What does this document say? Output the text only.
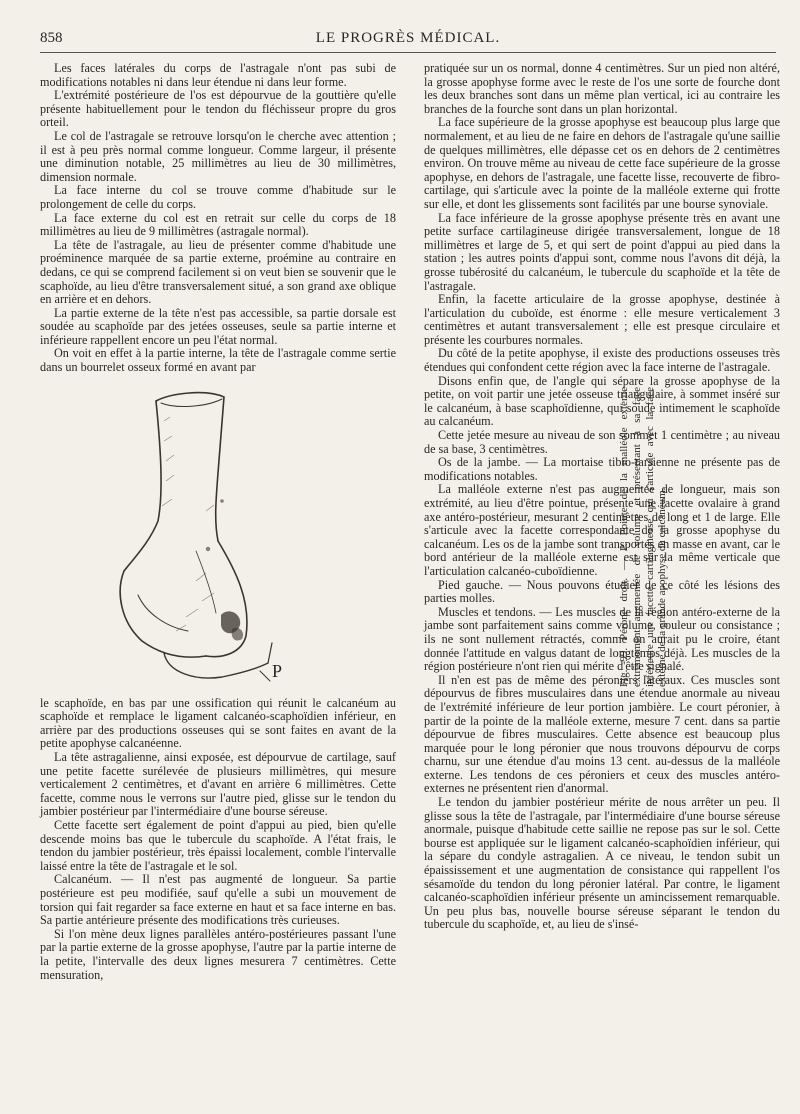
858	LE PROGRÈS MÉDICAL.

Les faces latérales du corps de l'astragale n'ont pas subi de modifications notables ni dans leur étendue ni dans leur forme.

L'extrémité postérieure de l'os est dépourvue de la gouttière qu'elle présente habituellement pour le tendon du fléchisseur propre du gros orteil.

Le col de l'astragale se retrouve lorsqu'on le cherche avec attention ; il est à peu près normal comme longueur. Comme largeur, il présente une diminution notable, 25 millimètres au lieu de 30 millimètres, dimension normale.

La face interne du col se trouve comme d'habitude sur le prolongement de celle du corps.

La face externe du col est en retrait sur celle du corps de 18 millimètres au lieu de 9 millimètres (astragale normal).

La tête de l'astragale, au lieu de présenter comme d'habitude une proéminence marquée de sa partie externe, proémine au contraire en dedans, ce qui se comprend facilement si on veut bien se souvenir que le scaphoïde, au lieu d'être transversalement situé, a son grand axe oblique en arrière et en dehors.

La partie externe de la tête n'est pas accessible, sa partie dorsale est soudée au scaphoïde par des jetées osseuses, seule sa partie interne et inférieure rappellent encore un peu l'état normal.

On voit en effet à la partie interne, la tête de l'astragale comme sertie dans un bourrelet osseux formé en avant par

P	Fig. 99. Péroné droit. — P. Pointe de la malléole externe extrêmement augmentée de volume et présentant à sa face inférieure une facette cartilagineuse qui s'articule avec la face externe de la grande apophyse du calcanéum.

le scaphoïde, en bas par une ossification qui réunit le calcanéum au scaphoïde et remplace le ligament calcanéo-scaphoïdien inférieur, en arrière par des productions osseuses qui se sont faites en avant de la petite apophyse calcanéenne.

La tête astragalienne, ainsi exposée, est dépourvue de cartilage, sauf une petite facette surélevée de plusieurs millimètres, qui mesure verticalement 2 centimètres, et d'avant en arrière 6 millimètres. Cette facette, comme nous le verrons sur l'autre pied, glisse sur le tendon du jambier postérieur par l'intermédiaire d'une bourse séreuse.

Cette facette sert également de point d'appui au pied, bien qu'elle descende moins bas que le tubercule du scaphoïde. A l'état frais, le tendon du jambier postérieur, très épaissi localement, comble l'intervalle laissé entre la tête de l'astragale et le sol.

Calcanéum. — Il n'est pas augmenté de longueur. Sa partie postérieure est peu modifiée, sauf qu'elle a subi un mouvement de torsion qui fait regarder sa face externe en haut et sa face interne en bas. Sa partie antérieure présente des modifications très curieuses.

Si l'on mène deux lignes parallèles antéro-postérieures passant l'une par la partie externe de la grosse apophyse, l'autre par la partie interne de la petite, l'intervalle des deux lignes mesurera 7 centimètres. Cette mensuration,

pratiquée sur un os normal, donne 4 centimètres. Sur un pied non altéré, la grosse apophyse forme avec le reste de l'os une sorte de fourche dont les deux branches sont dans un même plan vertical, ici au contraire les branches de la fourche sont dans un plan horizontal.

La face supérieure de la grosse apophyse est beaucoup plus large que normalement, et au lieu de ne faire en dehors de l'astragale qu'une saillie de quelques millimètres, elle dépasse cet os en dehors de 2 centimètres environ. On trouve même au niveau de cette face supérieure de la grosse apophyse, en dehors de l'astragale, une facette lisse, recouverte de fibro-cartilage, qui s'articule avec la pointe de la malléole externe qui frotte sur elle, et dont les glissements sont facilités par une bourse synoviale.

La face inférieure de la grosse apophyse présente très en avant une petite surface cartilagineuse dirigée transversalement, longue de 18 millimètres et large de 5, et qui sert de point d'appui au pied dans la station ; les autres points d'appui sont, comme nous l'avons dit déjà, la grosse tubérosité du calcanéum, le tubercule du scaphoïde et la tête de l'astragale.

Enfin, la facette articulaire de la grosse apophyse, destinée à l'articulation du cuboïde, est énorme : elle mesure verticalement 3 centimètres et autant transversalement ; elle est presque circulaire et présente les courbures normales.

Du côté de la petite apophyse, il existe des productions osseuses très étendues qui confondent cette région avec la face interne de l'astragale.

Disons enfin que, de l'angle qui sépare la grosse apophyse de la petite, on voit partir une jetée osseuse triangulaire, à sommet inséré sur le calcanéum, à base scaphoïdienne, qui soude intimement le scaphoïde au calcanéum.

Cette jetée mesure au niveau de son sommet 1 centimètre ; au niveau de sa base, 3 centimètres.

Os de la jambe. — La mortaise tibio-tarsienne ne présente pas de modifications notables.

La malléole externe n'est pas augmentée de longueur, mais son extrémité, au lieu d'être pointue, présente une facette ovalaire à grand axe antéro-postérieur, mesurant 2 centimètres de long et 1 de large. Elle s'articule avec la facette correspondante de la grosse apophyse du calcanéum. Les os de la jambe sont transportés en masse en avant, car le bord antérieur de la malléole externe est sur la même verticale que l'articulation calcanéo-cuboïdienne.

Pied gauche. — Nous pouvons étudier de ce côté les lésions des parties molles.

Muscles et tendons. — Les muscles de la région antéro-externe de la jambe sont parfaitement sains comme volume, couleur ou consistance ; ils ne sont nullement rétractés, comme on aurait pu le croire, étant donnée l'attitude en valgus datant de longtemps déjà. Les muscles de la région postérieure n'ont rien qui mérite d'être signalé.

Il n'en est pas de même des péroniers latéraux. Ces muscles sont dépourvus de fibres musculaires dans une étendue anormale au niveau de l'extrémité inférieure de leur portion jambière. Le court péronier, à partir de la pointe de la malléole externe, mesure 7 cent. dans sa partie dépourvue de fibres musculaires. Cette absence est beaucoup plus marquée pour le long péronier que nous trouvons dépourvu de corps charnu, sur une étendue d'au moins 13 cent. au-dessus de la malléole externe. Les tendons de ces péroniers et ceux des muscles antéro-externes ne présentent rien d'anormal.

Le tendon du jambier postérieur mérite de nous arrêter un peu. Il glisse sous la tête de l'astragale, par l'intermédiaire d'une bourse séreuse anormale, puisque d'habitude cette saillie ne repose pas sur le sol. Cette bourse est appliquée sur le ligament calcanéo-scaphoïdien inférieur, qui la sépare du condyle astragalien. A ce niveau, le tendon subit un épaississement et une augmentation de consistance qui rappellent l'os sésamoïde du tendon du long péronier latéral. Par contre, le ligament calcanéo-scaphoïdien inférieur présente un amincissement remarquable. Un peu plus bas, nouvelle bourse séreuse séparant le tendon du tubercule du scaphoïde, et, au lieu de s'insé-
